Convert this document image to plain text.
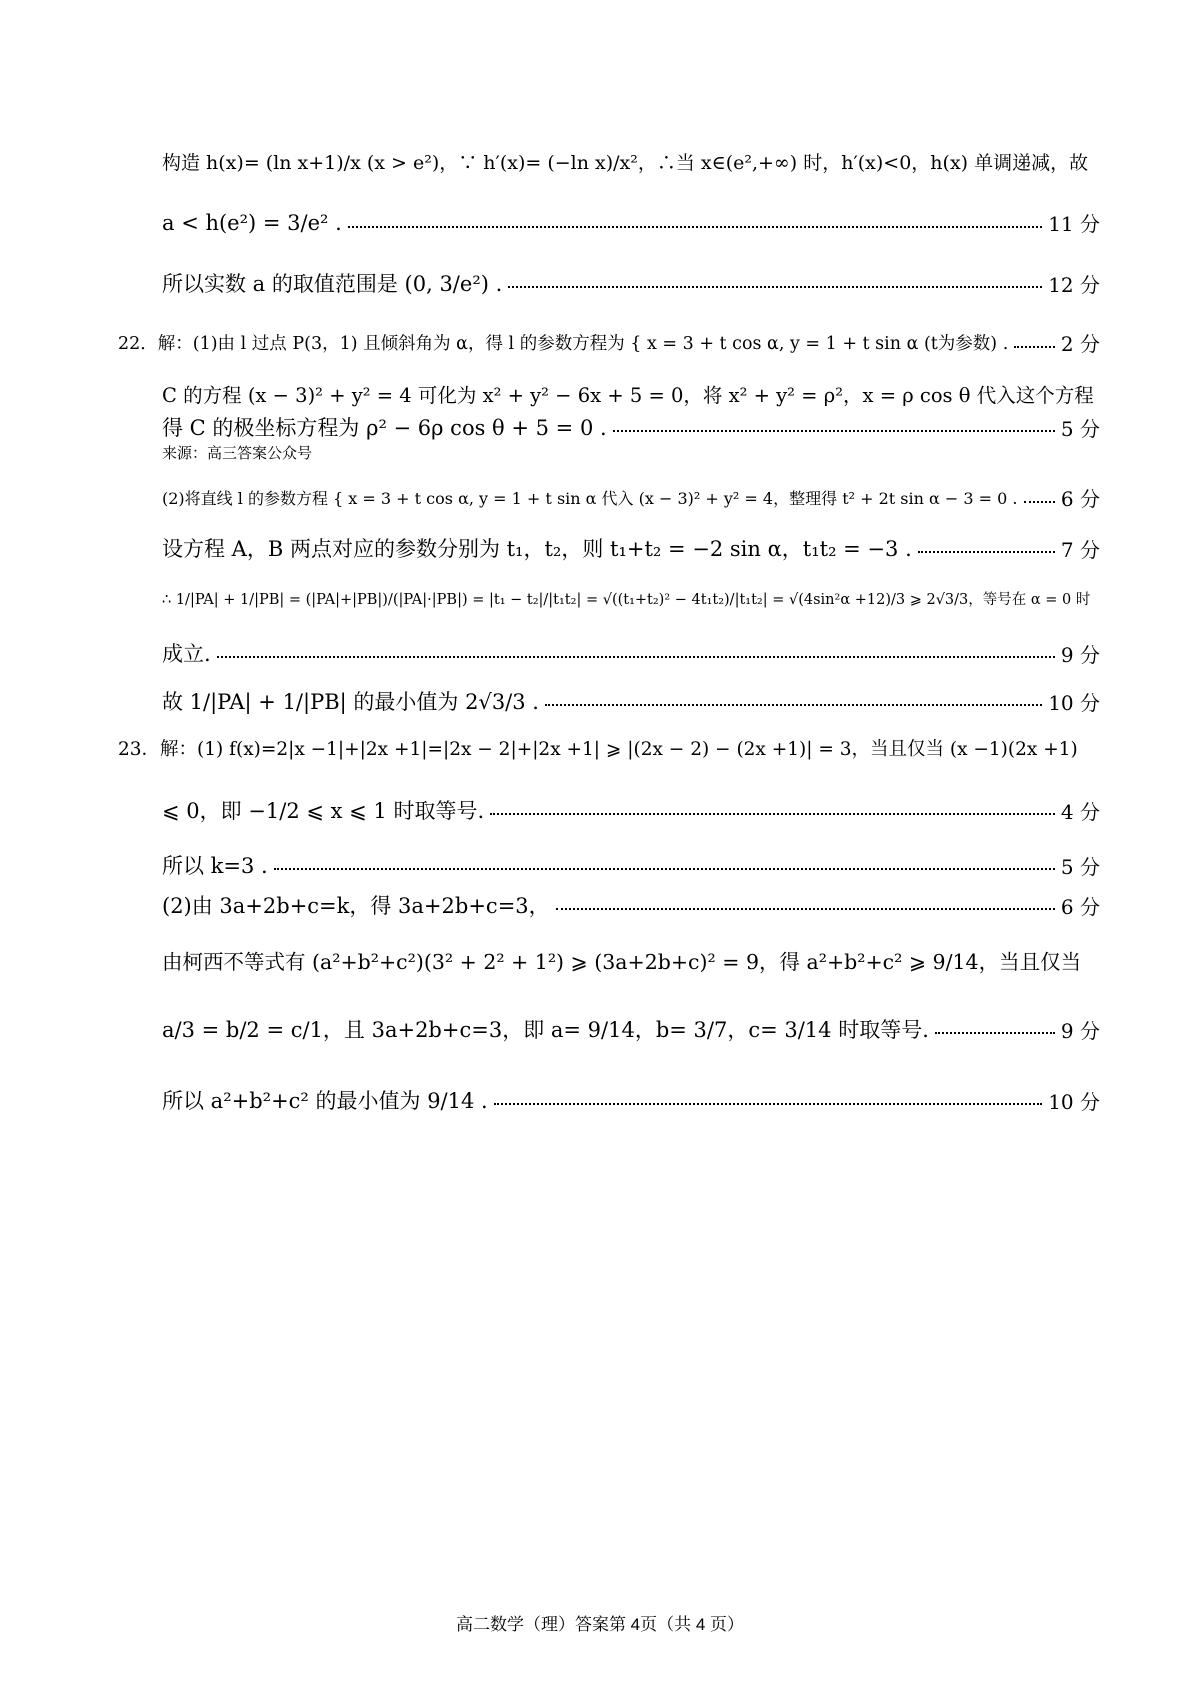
构造 h(x)= (ln x+1)/x (x > e²)，∵ h′(x)= (−ln x)/x²，∴当 x∈(e²,+∞) 时，h′(x)<0，h(x) 单调递减，故
a < h(e²) = 3/e² .	11 分
所以实数 a 的取值范围是 (0, 3/e²) .	12 分
22．解：(1)由 l 过点 P(3，1) 且倾斜角为 α，得 l 的参数方程为 { x = 3 + t cos α, y = 1 + t sin α (t为参数) .	2 分
C 的方程 (x − 3)² + y² = 4 可化为 x² + y² − 6x + 5 = 0，将 x² + y² = ρ²，x = ρ cos θ 代入这个方程
得 C 的极坐标方程为 ρ² − 6ρ cos θ + 5 = 0 .	5 分
来源：高三答案公众号
(2)将直线 l 的参数方程 { x = 3 + t cos α, y = 1 + t sin α 代入 (x − 3)² + y² = 4，整理得 t² + 2t sin α − 3 = 0 . 6 分
设方程 A，B 两点对应的参数分别为 t₁，t₂，则 t₁+t₂ = −2 sin α，t₁t₂ = −3 .	7 分
∴ 1/|PA| + 1/|PB| = (|PA|+|PB|)/(|PA|·|PB|) = |t₁ − t₂|/|t₁t₂| = √((t₁+t₂)² − 4t₁t₂)/|t₁t₂| = √(4sin²α +12)/3 ⩾ 2√3/3，等号在 α = 0 时
成立.	9 分
故 1/|PA| + 1/|PB| 的最小值为 2√3/3 .	10 分
23．解：(1) f(x)=2|x −1|+|2x +1|=|2x − 2|+|2x +1| ⩾ |(2x − 2) − (2x +1)| = 3，当且仅当 (x −1)(2x +1)
⩽ 0，即 −1/2 ⩽ x ⩽ 1 时取等号.	4 分
所以 k=3 .	5 分
(2)由 3a+2b+c=k，得 3a+2b+c=3，	6 分
由柯西不等式有 (a²+b²+c²)(3² + 2² + 1²) ⩾ (3a+2b+c)² = 9，得 a²+b²+c² ⩾ 9/14，当且仅当
a/3 = b/2 = c/1，且 3a+2b+c=3，即 a= 9/14，b= 3/7，c= 3/14 时取等号.	9 分
所以 a²+b²+c² 的最小值为 9/14 .	10 分
高二数学（理）答案第 4页（共 4 页）
